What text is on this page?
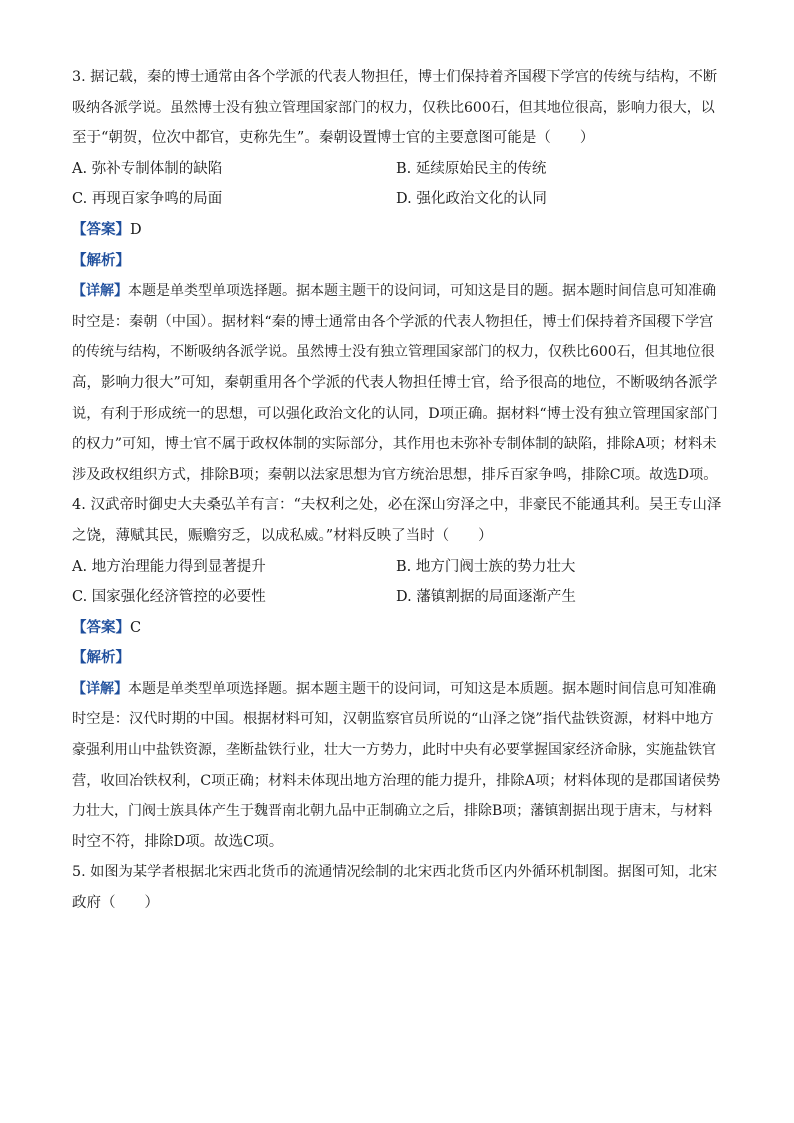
3. 据记载，秦的博士通常由各个学派的代表人物担任，博士们保持着齐国稷下学宫的传统与结构，不断
吸纳各派学说。虽然博士没有独立管理国家部门的权力，仅秩比600石，但其地位很高，影响力很大，以
至于“朝贺，位次中都官，吏称先生”。秦朝设置博士官的主要意图可能是（　　）
A. 弥补专制体制的缺陷	B. 延续原始民主的传统
C. 再现百家争鸣的局面	D. 强化政治文化的认同
【答案】D
【解析】
【详解】本题是单类型单项选择题。据本题主题干的设问词，可知这是目的题。据本题时间信息可知准确
时空是：秦朝（中国）。据材料“秦的博士通常由各个学派的代表人物担任，博士们保持着齐国稷下学宫
的传统与结构，不断吸纳各派学说。虽然博士没有独立管理国家部门的权力，仅秩比600石，但其地位很
高，影响力很大”可知，秦朝重用各个学派的代表人物担任博士官，给予很高的地位，不断吸纳各派学
说，有利于形成统一的思想，可以强化政治文化的认同，D项正确。据材料“博士没有独立管理国家部门
的权力”可知，博士官不属于政权体制的实际部分，其作用也未弥补专制体制的缺陷，排除A项；材料未
涉及政权组织方式，排除B项；秦朝以法家思想为官方统治思想，排斥百家争鸣，排除C项。故选D项。
4. 汉武帝时御史大夫桑弘羊有言：“夫权利之处，必在深山穷泽之中，非豪民不能通其利。吴王专山泽
之饶，薄赋其民，赈赡穷乏，以成私威。”材料反映了当时（　　）
A. 地方治理能力得到显著提升	B. 地方门阀士族的势力壮大
C. 国家强化经济管控的必要性	D. 藩镇割据的局面逐渐产生
【答案】C
【解析】
【详解】本题是单类型单项选择题。据本题主题干的设问词，可知这是本质题。据本题时间信息可知准确
时空是：汉代时期的中国。根据材料可知，汉朝监察官员所说的“山泽之饶”指代盐铁资源，材料中地方
豪强利用山中盐铁资源，垄断盐铁行业，壮大一方势力，此时中央有必要掌握国家经济命脉，实施盐铁官
营，收回冶铁权利，C项正确；材料未体现出地方治理的能力提升，排除A项；材料体现的是郡国诸侯势
力壮大，门阀士族具体产生于魏晋南北朝九品中正制确立之后，排除B项；藩镇割据出现于唐末，与材料
时空不符，排除D项。故选C项。
5. 如图为某学者根据北宋西北货币的流通情况绘制的北宋西北货币区内外循环机制图。据图可知，北宋
政府（　　）
